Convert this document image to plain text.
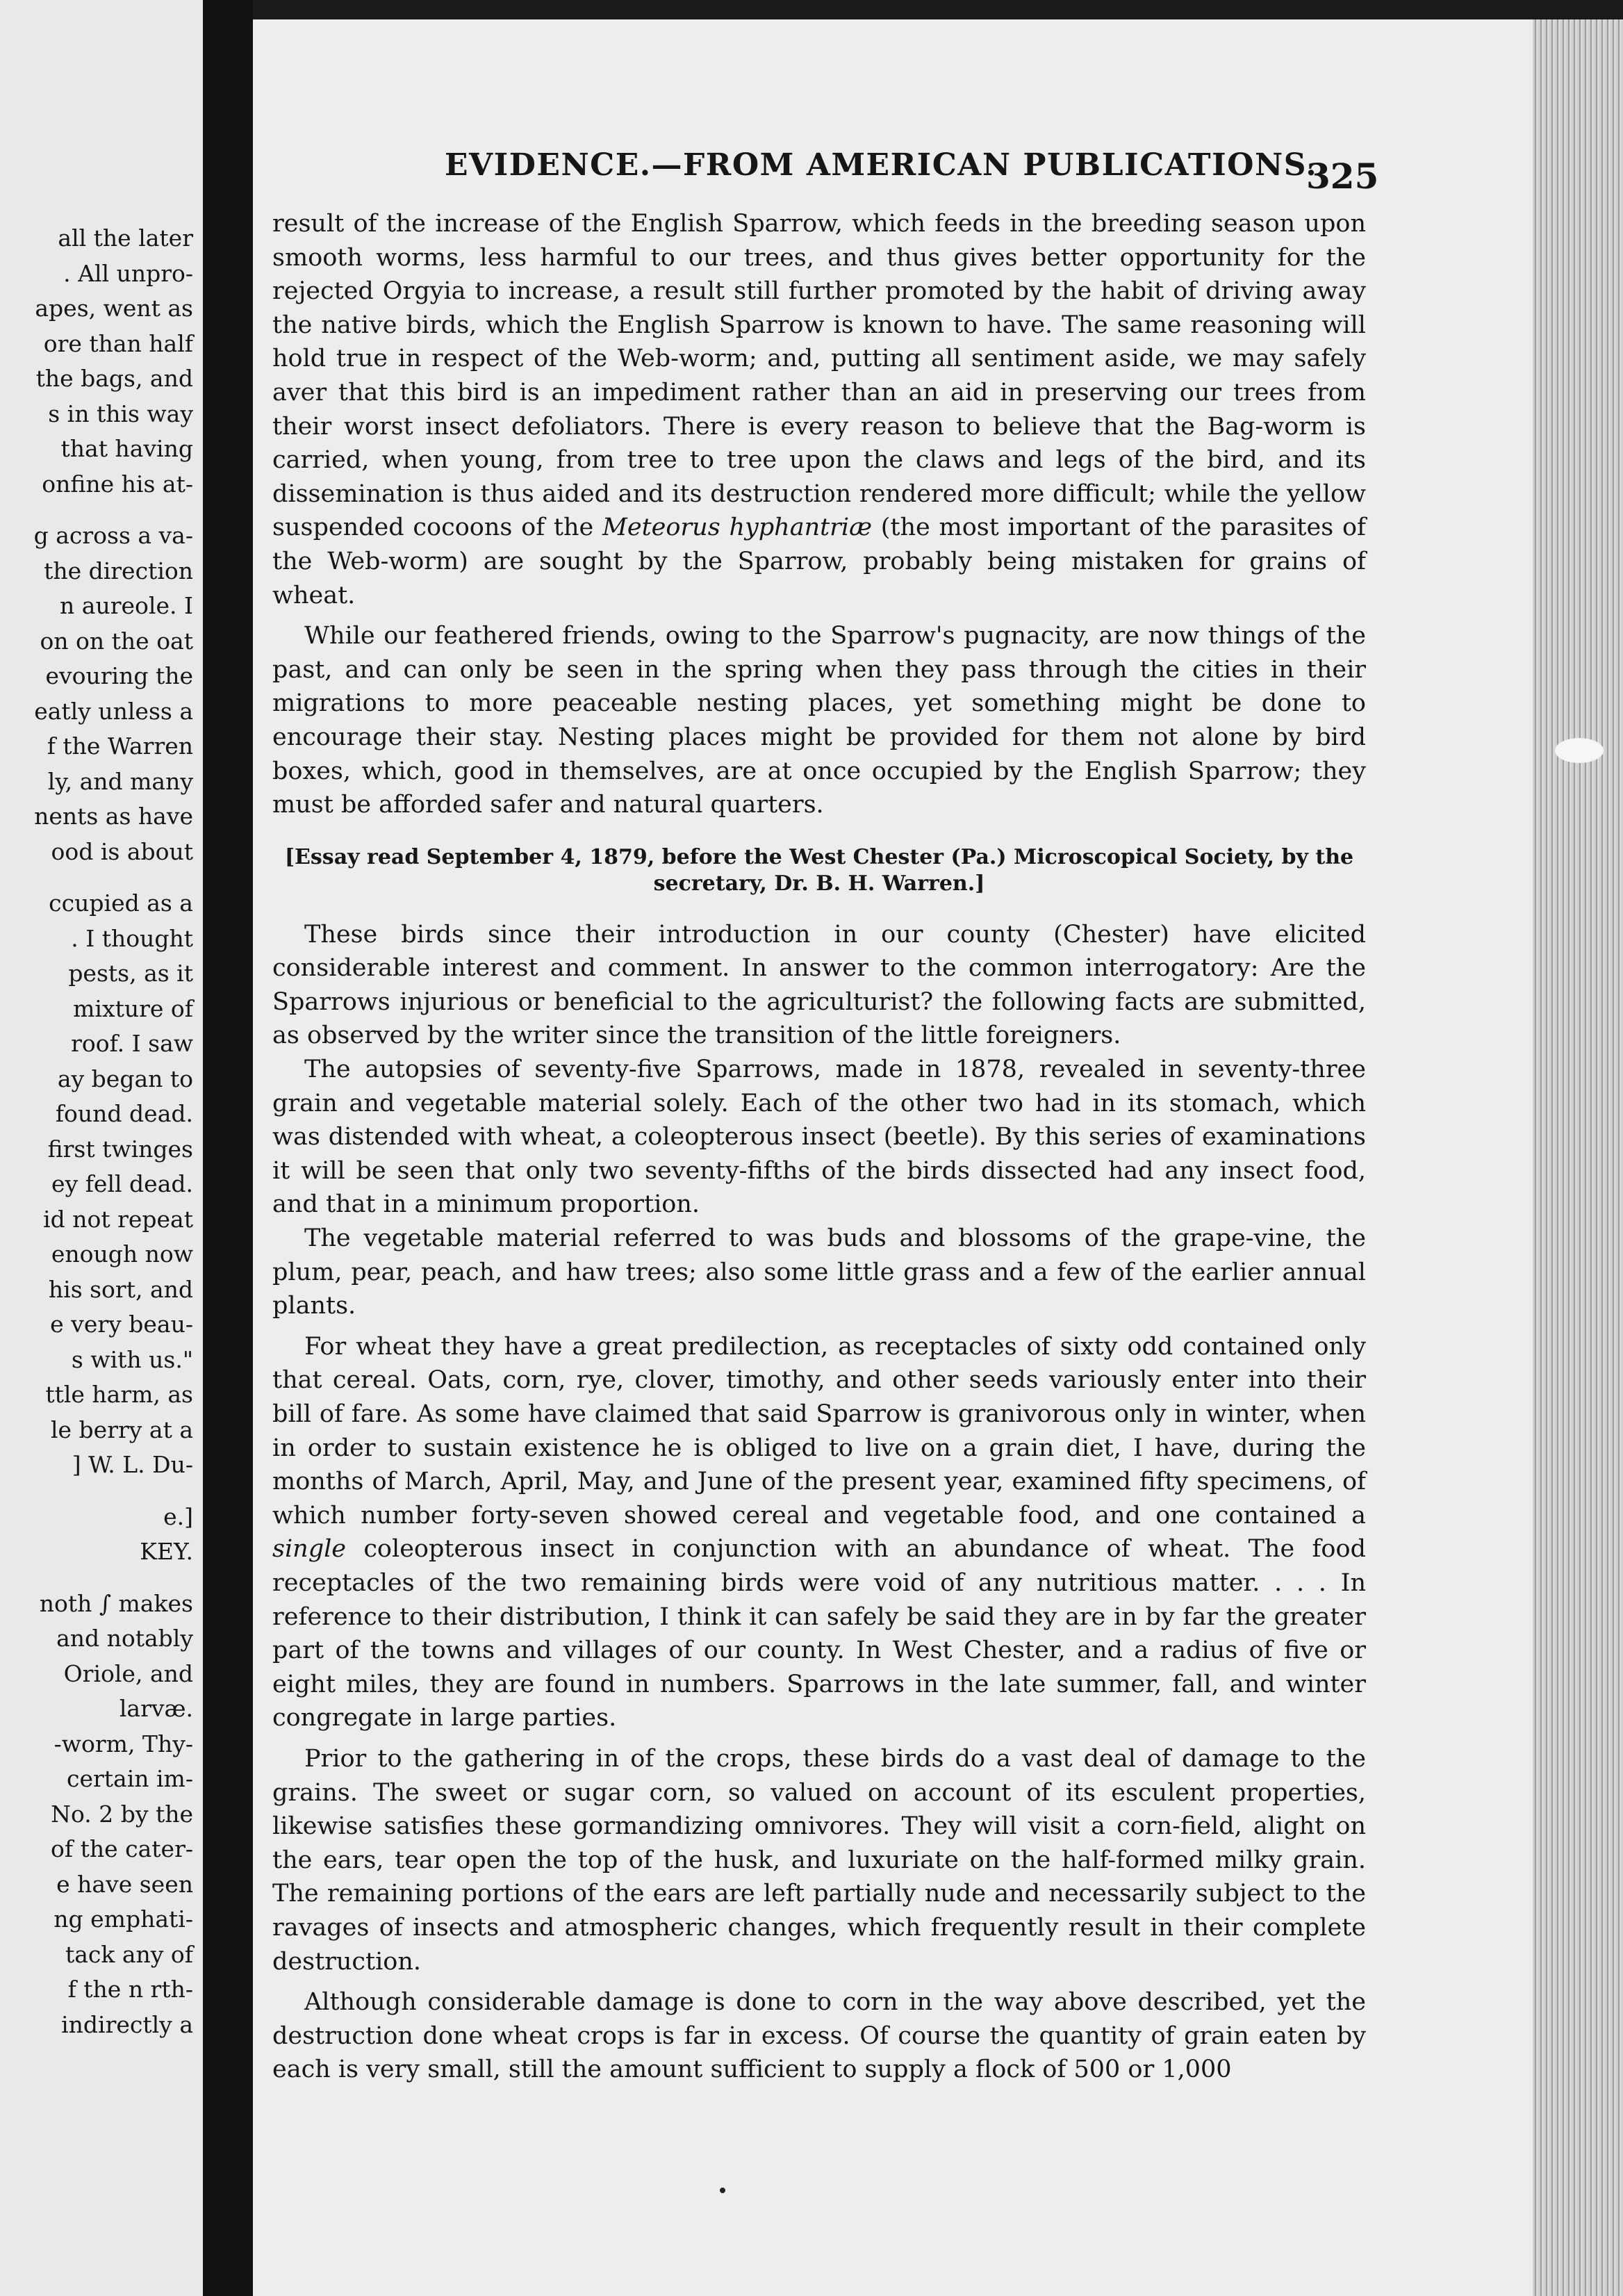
all the later
. All unpro-
apes, went as
ore than half
the bags, and
s in this way
that having
onfine his at-
g across a va-
the direction
n aureole. I
on on the oat
evouring the
eatly unless a
f the Warren
ly, and many
nents as have
ood is about
ccupied as a
. I thought
pests, as it
mixture of
roof. I saw
ay began to
found dead.
first twinges
ey fell dead.
id not repeat
enough now
his sort, and
e very beau-
s with us."
ttle harm, as
le berry at a
] W. L. Du-
e.]
KEY.
noth ∫ makes
and notably
Oriole, and
larvæ.
-worm, Thy-
certain im-
No. 2 by the
of the cater-
e have seen
ng emphati-
tack any of
f the n rth-
indirectly a
EVIDENCE.—FROM AMERICAN PUBLICATIONS.
325

result of the increase of the English Sparrow, which feeds in the breeding season upon smooth worms, less harmful to our trees, and thus gives better opportunity for the rejected Orgyia to increase, a result still further promoted by the habit of driving away the native birds, which the English Sparrow is known to have. The same reasoning will hold true in respect of the Web-worm; and, putting all sentiment aside, we may safely aver that this bird is an impediment rather than an aid in preserving our trees from their worst insect defoliators. There is every reason to believe that the Bag-worm is carried, when young, from tree to tree upon the claws and legs of the bird, and its dissemination is thus aided and its destruction rendered more difficult; while the yellow suspended cocoons of the Meteorus hyphantriæ (the most important of the parasites of the Web-worm) are sought by the Sparrow, probably being mistaken for grains of wheat.

While our feathered friends, owing to the Sparrow's pugnacity, are now things of the past, and can only be seen in the spring when they pass through the cities in their migrations to more peaceable nesting places, yet something might be done to encourage their stay. Nesting places might be provided for them not alone by bird boxes, which, good in themselves, are at once occupied by the English Sparrow; they must be afforded safer and natural quarters.

[Essay read September 4, 1879, before the West Chester (Pa.) Microscopical Society, by the secretary, Dr. B. H. Warren.]

These birds since their introduction in our county (Chester) have elicited considerable interest and comment. In answer to the common interrogatory: Are the Sparrows injurious or beneficial to the agriculturist? the following facts are submitted, as observed by the writer since the transition of the little foreigners.

The autopsies of seventy-five Sparrows, made in 1878, revealed in seventy-three grain and vegetable material solely. Each of the other two had in its stomach, which was distended with wheat, a coleopterous insect (beetle). By this series of examinations it will be seen that only two seventy-fifths of the birds dissected had any insect food, and that in a minimum proportion.

The vegetable material referred to was buds and blossoms of the grape-vine, the plum, pear, peach, and haw trees; also some little grass and a few of the earlier annual plants.

For wheat they have a great predilection, as receptacles of sixty odd contained only that cereal. Oats, corn, rye, clover, timothy, and other seeds variously enter into their bill of fare. As some have claimed that said Sparrow is granivorous only in winter, when in order to sustain existence he is obliged to live on a grain diet, I have, during the months of March, April, May, and June of the present year, examined fifty specimens, of which number forty-seven showed cereal and vegetable food, and one contained a single coleopterous insect in conjunction with an abundance of wheat. The food receptacles of the two remaining birds were void of any nutritious matter. . . . In reference to their distribution, I think it can safely be said they are in by far the greater part of the towns and villages of our county. In West Chester, and a radius of five or eight miles, they are found in numbers. Sparrows in the late summer, fall, and winter congregate in large parties.

Prior to the gathering in of the crops, these birds do a vast deal of damage to the grains. The sweet or sugar corn, so valued on account of its esculent properties, likewise satisfies these gormandizing omnivores. They will visit a corn-field, alight on the ears, tear open the top of the husk, and luxuriate on the half-formed milky grain. The remaining portions of the ears are left partially nude and necessarily subject to the ravages of insects and atmospheric changes, which frequently result in their complete destruction.

Although considerable damage is done to corn in the way above described, yet the destruction done wheat crops is far in excess. Of course the quantity of grain eaten by each is very small, still the amount sufficient to supply a flock of 500 or 1,000
